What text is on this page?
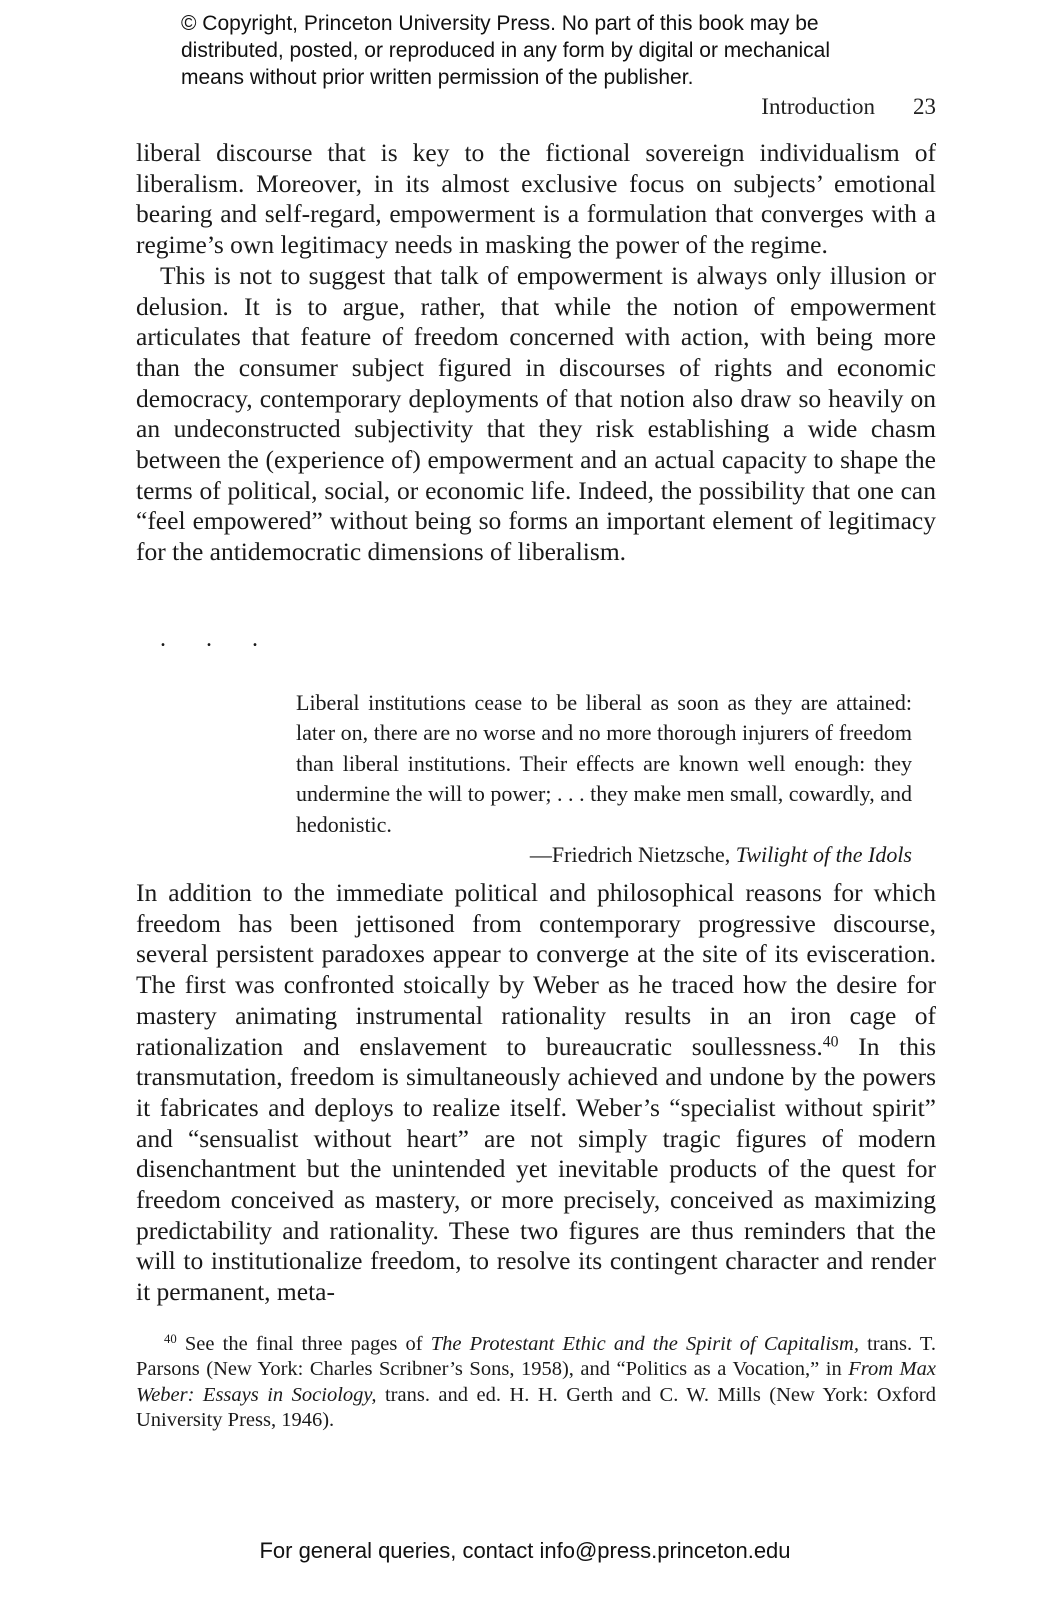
© Copyright, Princeton University Press. No part of this book may be
distributed, posted, or reproduced in any form by digital or mechanical
means without prior written permission of the publisher.
Introduction 23

liberal discourse that is key to the fictional sovereign individualism of liberalism. Moreover, in its almost exclusive focus on subjects’ emotional bearing and self-regard, empowerment is a formulation that converges with a regime’s own legitimacy needs in masking the power of the regime.

This is not to suggest that talk of empowerment is always only illusion or delusion. It is to argue, rather, that while the notion of empowerment articulates that feature of freedom concerned with action, with being more than the consumer subject figured in discourses of rights and economic democracy, contemporary deployments of that notion also draw so heavily on an undeconstructed subjectivity that they risk establishing a wide chasm between the (experience of) empowerment and an actual capacity to shape the terms of political, social, or economic life. Indeed, the possibility that one can “feel empowered” without being so forms an important element of legitimacy for the antidemocratic dimensions of liberalism.

. . .

Liberal institutions cease to be liberal as soon as they are attained: later on, there are no worse and no more thorough injurers of freedom than liberal institutions. Their effects are known well enough: they undermine the will to power; . . . they make men small, cowardly, and hedonistic.

—Friedrich Nietzsche, Twilight of the Idols

In addition to the immediate political and philosophical reasons for which freedom has been jettisoned from contemporary progressive discourse, several persistent paradoxes appear to converge at the site of its evisceration. The first was confronted stoically by Weber as he traced how the desire for mastery animating instrumental rationality results in an iron cage of rationalization and enslavement to bureaucratic soullessness.$^{40}$ In this transmutation, freedom is simultaneously achieved and undone by the powers it fabricates and deploys to realize itself. Weber’s “specialist without spirit” and “sensualist without heart” are not simply tragic figures of modern disenchantment but the unintended yet inevitable products of the quest for freedom conceived as mastery, or more precisely, conceived as maximizing predictability and rationality. These two figures are thus reminders that the will to institutionalize freedom, to resolve its contingent character and render it permanent, meta-

$^{40}$ See the final three pages of The Protestant Ethic and the Spirit of Capitalism, trans. T. Parsons (New York: Charles Scribner’s Sons, 1958), and “Politics as a Vocation,” in From Max Weber: Essays in Sociology, trans. and ed. H. H. Gerth and C. W. Mills (New York: Oxford University Press, 1946).

For general queries, contact info@press.princeton.edu
